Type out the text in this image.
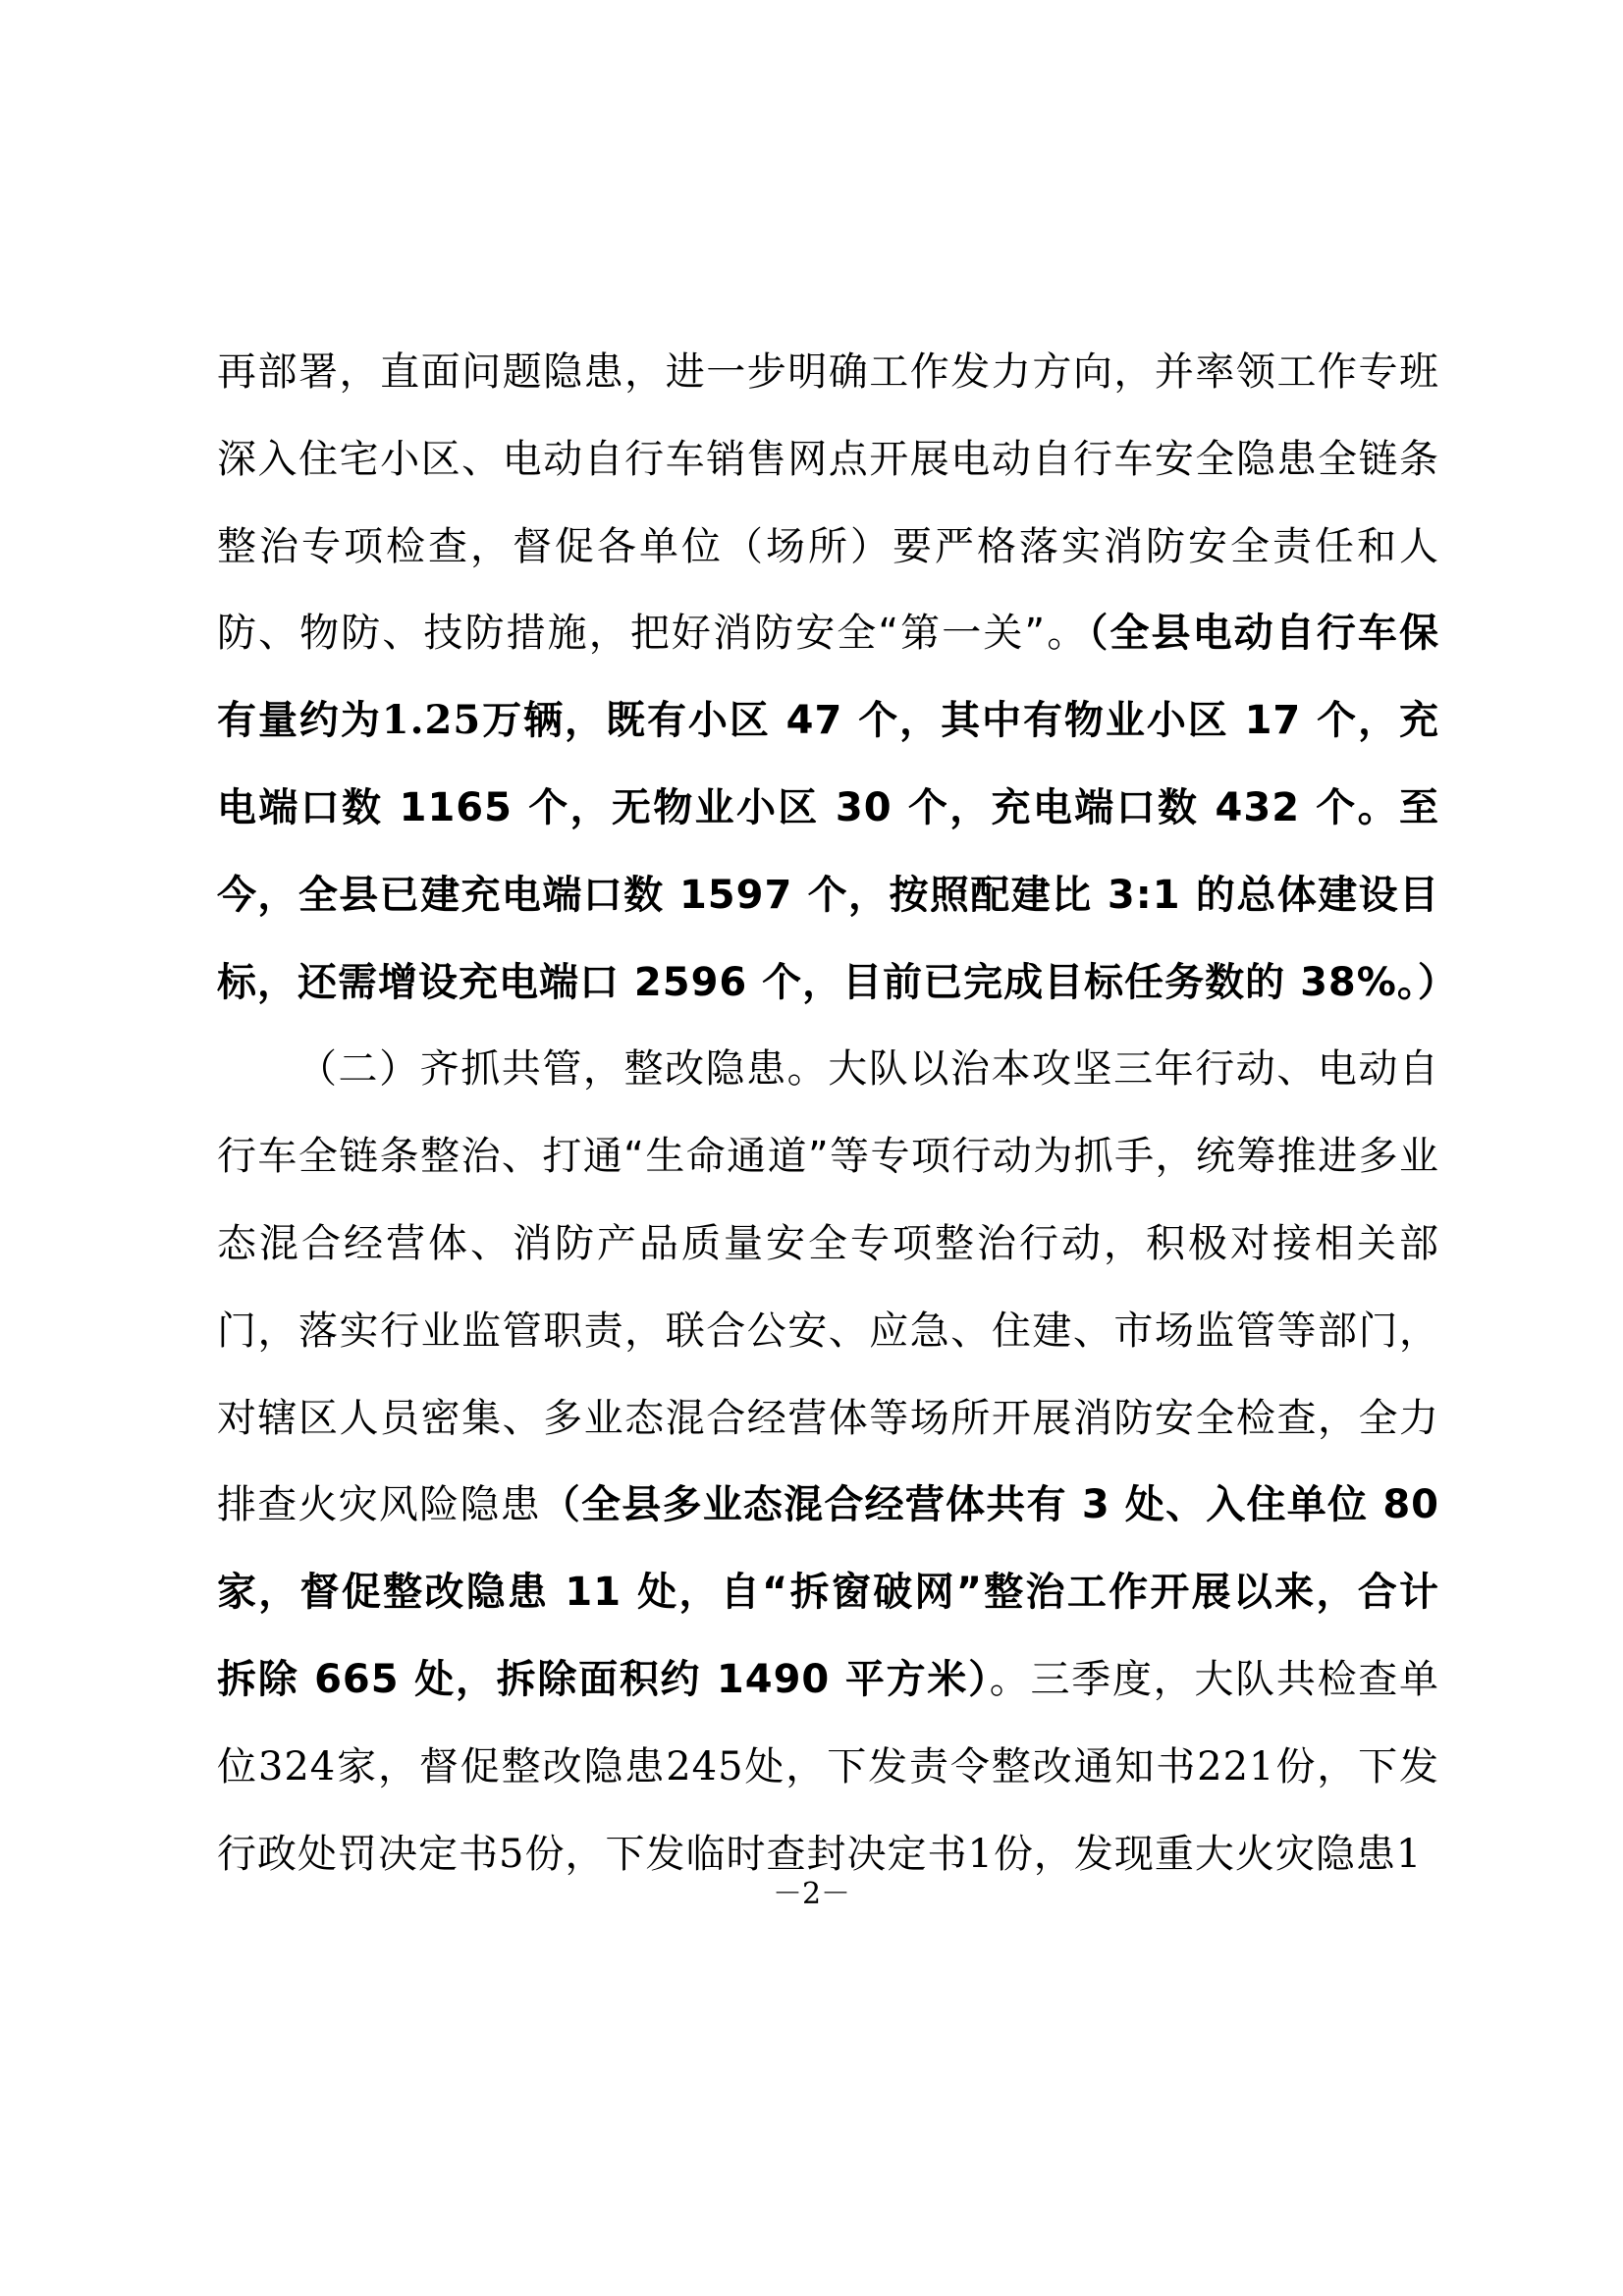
再部署，直面问题隐患，进一步明确工作发力方向，并率领工作专班深入住宅小区、电动自行车销售网点开展电动自行车安全隐患全链条整治专项检查，督促各单位（场所）要严格落实消防安全责任和人防、物防、技防措施，把好消防安全“第一关”。（全县电动自行车保有量约为1.25万辆，既有小区 47 个，其中有物业小区 17 个，充电端口数 1165 个，无物业小区 30 个，充电端口数 432 个。至今，全县已建充电端口数 1597 个，按照配建比 3:1 的总体建设目标，还需增设充电端口 2596 个，目前已完成目标任务数的 38%。）

（二）齐抓共管，整改隐患。大队以治本攻坚三年行动、电动自行车全链条整治、打通“生命通道”等专项行动为抓手，统筹推进多业态混合经营体、消防产品质量安全专项整治行动，积极对接相关部门，落实行业监管职责，联合公安、应急、住建、市场监管等部门，对辖区人员密集、多业态混合经营体等场所开展消防安全检查，全力排查火灾风险隐患（全县多业态混合经营体共有 3 处、入住单位 80 家，督促整改隐患 11 处，自“拆窗破网”整治工作开展以来，合计拆除 665 处，拆除面积约 1490 平方米）。三季度，大队共检查单位324家，督促整改隐患245处，下发责令整改通知书221份，下发行政处罚决定书5份，下发临时查封决定书1份，发现重大火灾隐患1

－2－
